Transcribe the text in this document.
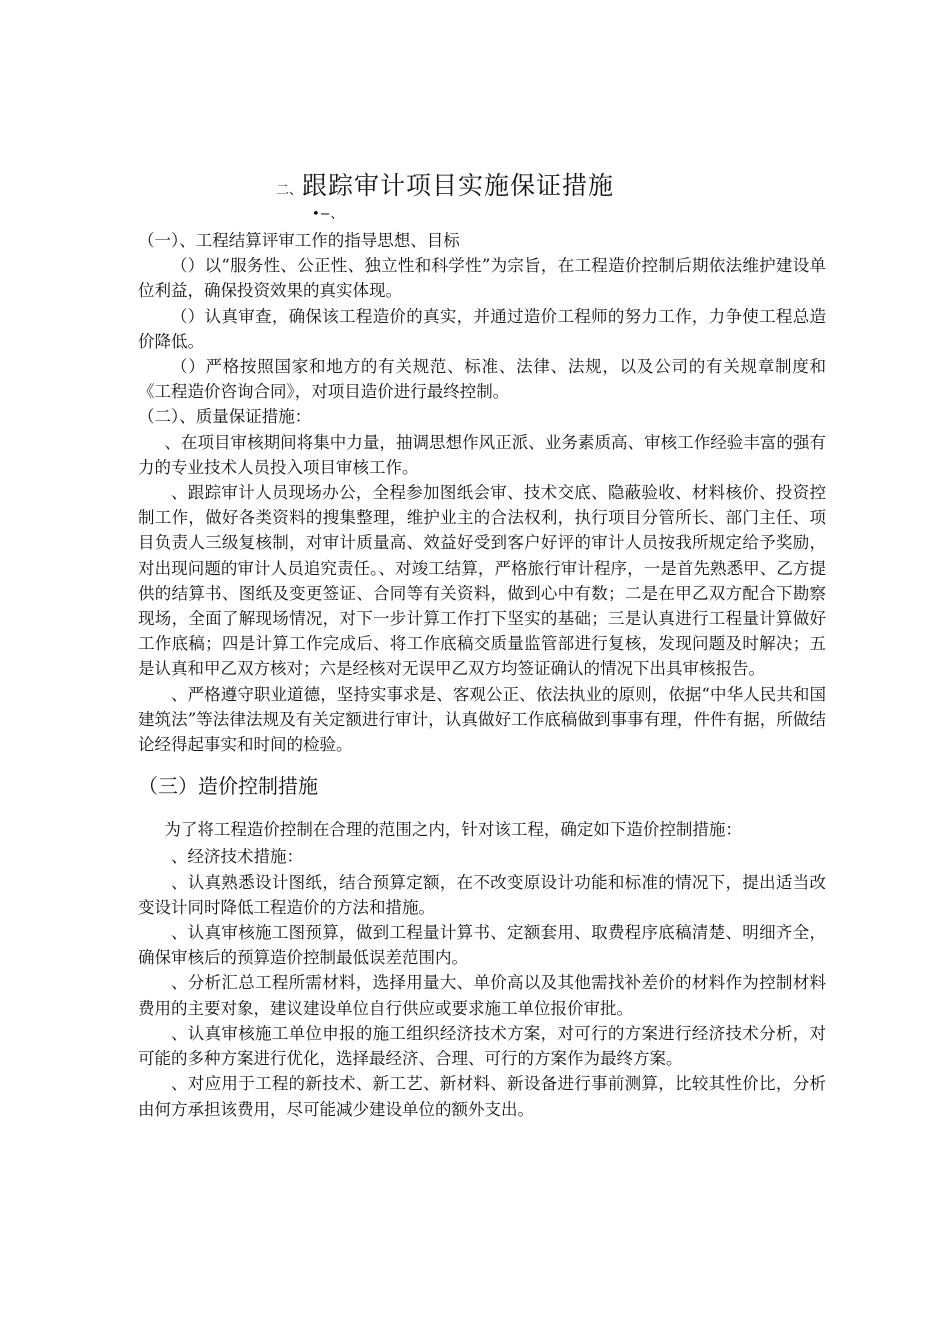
二、跟踪审计项目实施保证措施
•−、

（一）、工程结算评审工作的指导思想、目标

（）以“服务性、公正性、独立性和科学性”为宗旨，在工程造价控制后期依法维护建设单位利益，确保投资效果的真实体现。

（）认真审查，确保该工程造价的真实，并通过造价工程师的努力工作，力争使工程总造价降低。

（）严格按照国家和地方的有关规范、标准、法律、法规，以及公司的有关规章制度和《工程造价咨询合同》，对项目造价进行最终控制。

（二）、质量保证措施：

、在项目审核期间将集中力量，抽调思想作风正派、业务素质高、审核工作经验丰富的强有力的专业技术人员投入项目审核工作。

、跟踪审计人员现场办公，全程参加图纸会审、技术交底、隐蔽验收、材料核价、投资控制工作，做好各类资料的搜集整理，维护业主的合法权利，执行项目分管所长、部门主任、项目负责人三级复核制，对审计质量高、效益好受到客户好评的审计人员按我所规定给予奖励，对出现问题的审计人员追究责任。、对竣工结算，严格旅行审计程序，一是首先熟悉甲、乙方提供的结算书、图纸及变更签证、合同等有关资料，做到心中有数；二是在甲乙双方配合下勘察现场，全面了解现场情况，对下一步计算工作打下坚实的基础；三是认真进行工程量计算做好工作底稿；四是计算工作完成后、将工作底稿交质量监管部进行复核，发现问题及时解决；五是认真和甲乙双方核对；六是经核对无误甲乙双方均签证确认的情况下出具审核报告。

、严格遵守职业道德，坚持实事求是、客观公正、依法执业的原则，依据“中华人民共和国建筑法”等法律法规及有关定额进行审计，认真做好工作底稿做到事事有理，件件有据，所做结论经得起事实和时间的检验。

（三）造价控制措施

为了将工程造价控制在合理的范围之内，针对该工程，确定如下造价控制措施：

、经济技术措施：

、认真熟悉设计图纸，结合预算定额，在不改变原设计功能和标准的情况下，提出适当改变设计同时降低工程造价的方法和措施。

、认真审核施工图预算，做到工程量计算书、定额套用、取费程序底稿清楚、明细齐全，确保审核后的预算造价控制最低误差范围内。

、分析汇总工程所需材料，选择用量大、单价高以及其他需找补差价的材料作为控制材料费用的主要对象，建议建设单位自行供应或要求施工单位报价审批。

、认真审核施工单位申报的施工组织经济技术方案，对可行的方案进行经济技术分析，对可能的多种方案进行优化，选择最经济、合理、可行的方案作为最终方案。

、对应用于工程的新技术、新工艺、新材料、新设备进行事前测算，比较其性价比，分析由何方承担该费用，尽可能减少建设单位的额外支出。
